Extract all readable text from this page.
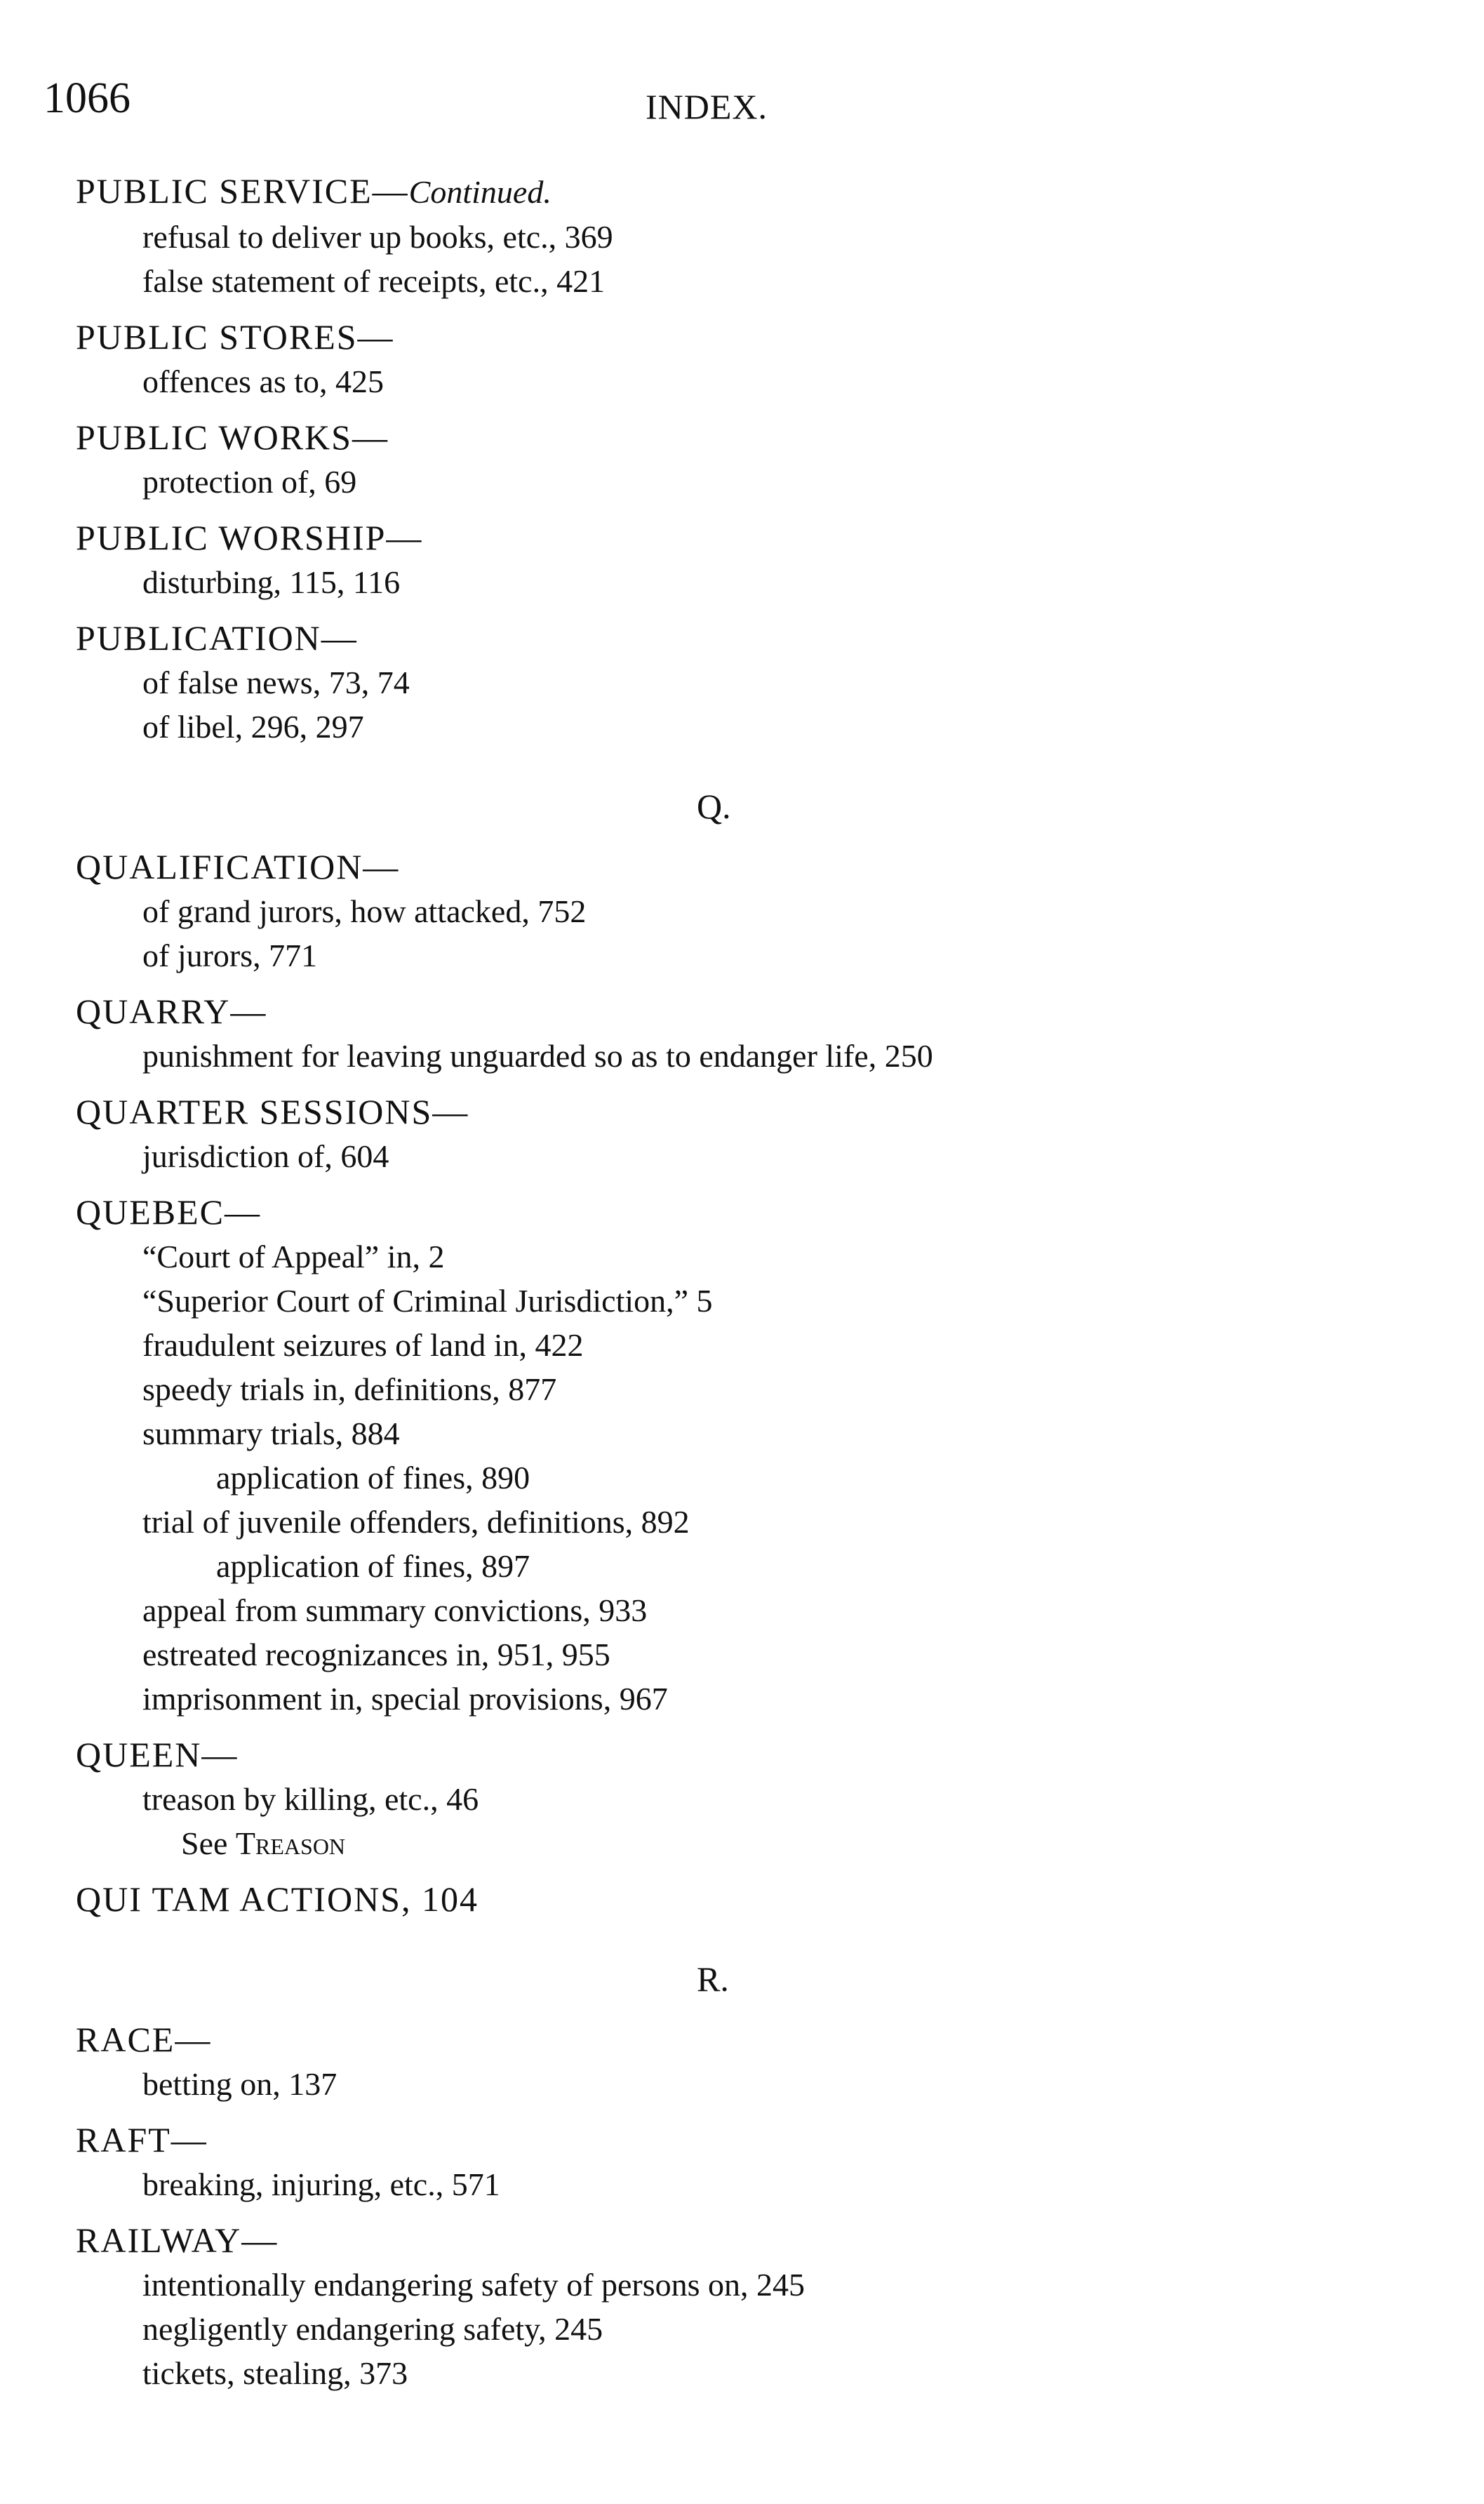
1066	INDEX.
PUBLIC SERVICE—Continued.
refusal to deliver up books, etc., 369
false statement of receipts, etc., 421
PUBLIC STORES—
offences as to, 425
PUBLIC WORKS—
protection of, 69
PUBLIC WORSHIP—
disturbing, 115, 116
PUBLICATION—
of false news, 73, 74
of libel, 296, 297
Q.
QUALIFICATION—
of grand jurors, how attacked, 752
of jurors, 771
QUARRY—
punishment for leaving unguarded so as to endanger life, 250
QUARTER SESSIONS—
jurisdiction of, 604
QUEBEC—
“Court of Appeal” in, 2
“Superior Court of Criminal Jurisdiction,” 5
fraudulent seizures of land in, 422
speedy trials in, definitions, 877
summary trials, 884
application of fines, 890
trial of juvenile offenders, definitions, 892
application of fines, 897
appeal from summary convictions, 933
estreated recognizances in, 951, 955
imprisonment in, special provisions, 967
QUEEN—
treason by killing, etc., 46
See Treason
QUI TAM ACTIONS, 104
R.
RACE—
betting on, 137
RAFT—
breaking, injuring, etc., 571
RAILWAY—
intentionally endangering safety of persons on, 245
negligently endangering safety, 245
tickets, stealing, 373
